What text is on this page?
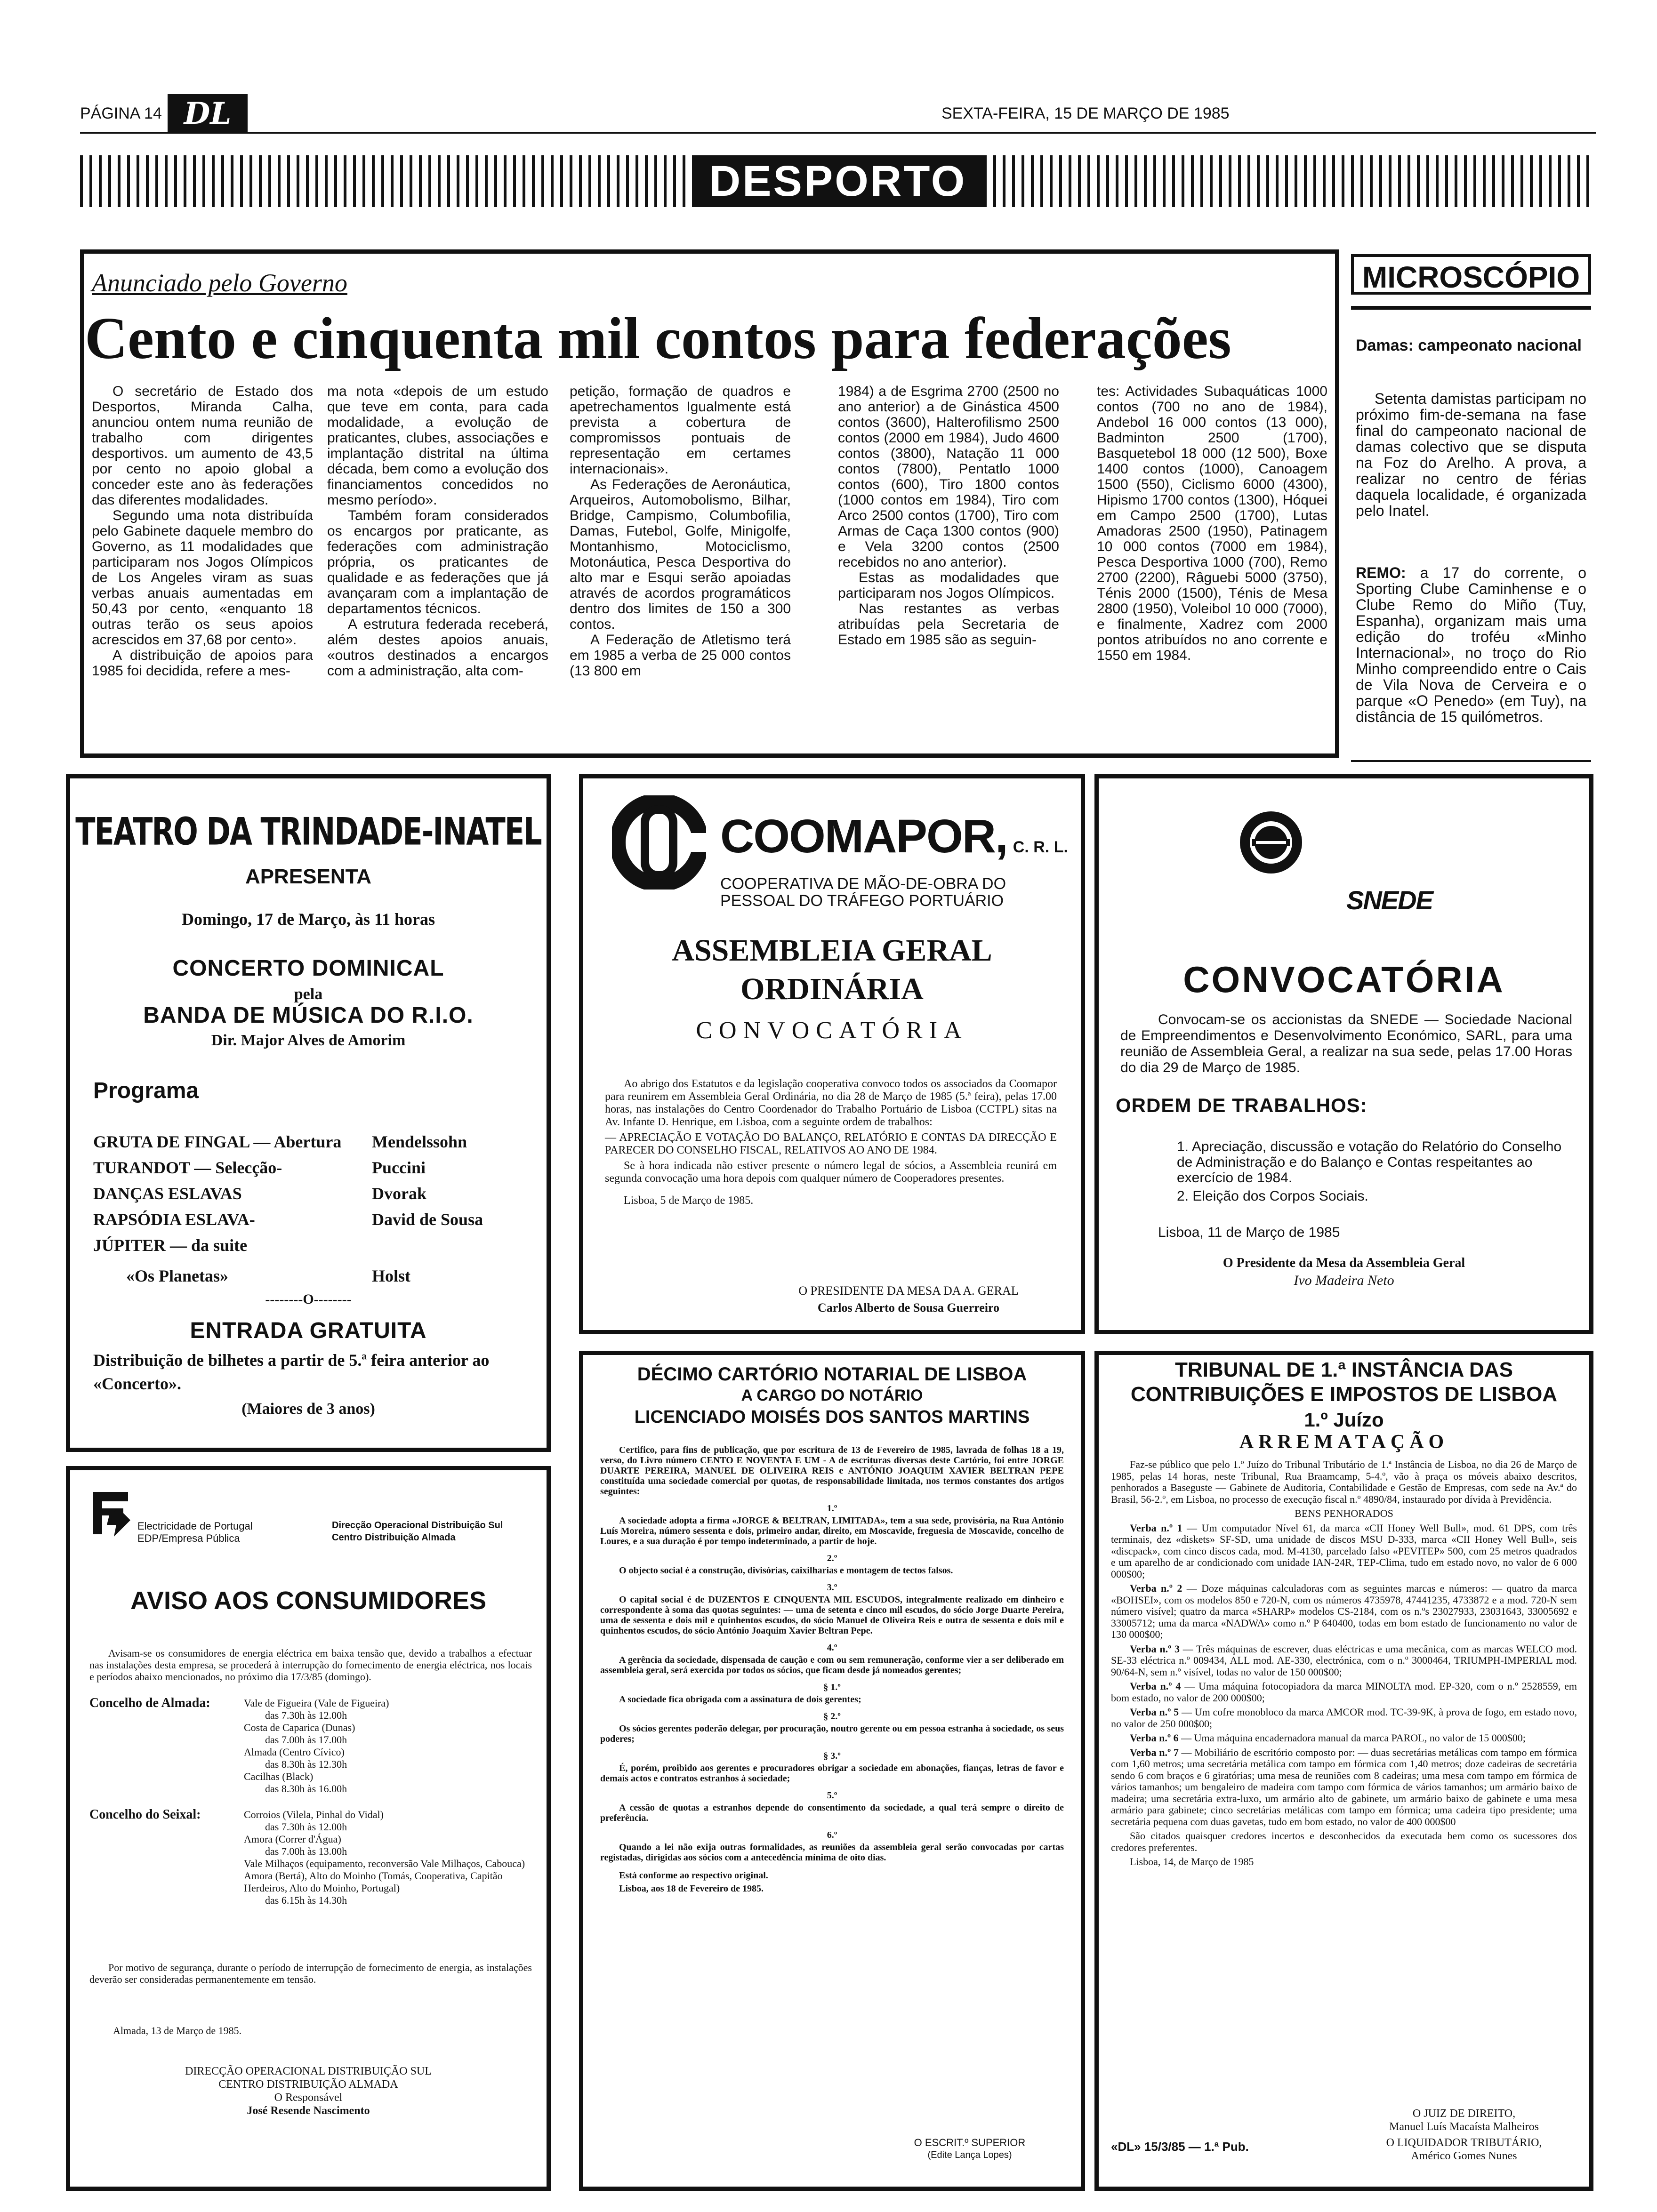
PÁGINA 14 DL	SEXTA-FEIRA, 15 DE MARÇO DE 1985
DESPORTO
Anunciado pelo Governo
Cento e cinquenta mil contos para federações

O secretário de Estado dos Desportos, Miranda Calha, anunciou ontem numa reunião de trabalho com dirigentes desportivos. um aumento de 43,5 por cento no apoio global a conceder este ano às federações das diferentes modalidades.

Segundo uma nota distribuída pelo Gabinete daquele membro do Governo, as 11 modalidades que participaram nos Jogos Olímpicos de Los Angeles viram as suas verbas anuais aumentadas em 50,43 por cento, «enquanto 18 outras terão os seus apoios acrescidos em 37,68 por cento».

A distribuição de apoios para 1985 foi decidida, refere a mes-

ma nota «depois de um estudo que teve em conta, para cada modalidade, a evolução de praticantes, clubes, associações e implantação distrital na última década, bem como a evolução dos financiamentos concedidos no mesmo período».

Também foram considerados os encargos por praticante, as federações com administração própria, os praticantes de qualidade e as federações que já avançaram com a implantação de departamentos técnicos.

A estrutura federada receberá, além destes apoios anuais, «outros destinados a encargos com a administração, alta com-

petição, formação de quadros e apetrechamentos Igualmente está prevista a cobertura de compromissos pontuais de representação em certames internacionais».

As Federações de Aeronáutica, Arqueiros, Automobolismo, Bilhar, Bridge, Campismo, Columbofilia, Damas, Futebol, Golfe, Minigolfe, Montanhismo, Motociclismo, Motonáutica, Pesca Desportiva do alto mar e Esqui serão apoiadas através de acordos programáticos dentro dos limites de 150 a 300 contos.

A Federação de Atletismo terá em 1985 a verba de 25 000 contos (13 800 em

1984) a de Esgrima 2700 (2500 no ano anterior) a de Ginástica 4500 contos (3600), Halterofilismo 2500 contos (2000 em 1984), Judo 4600 contos (3800), Natação 11 000 contos (7800), Pentatlo 1000 contos (600), Tiro 1800 contos (1000 contos em 1984), Tiro com Arco 2500 contos (1700), Tiro com Armas de Caça 1300 contos (900) e Vela 3200 contos (2500 recebidos no ano anterior).

Estas as modalidades que participaram nos Jogos Olímpicos.

Nas restantes as verbas atribuídas pela Secretaria de Estado em 1985 são as seguin-

tes: Actividades Subaquáticas 1000 contos (700 no ano de 1984), Andebol 16 000 contos (13 000), Badminton 2500 (1700), Basquetebol 18 000 (12 500), Boxe 1400 contos (1000), Canoagem 1500 (550), Ciclismo 6000 (4300), Hipismo 1700 contos (1300), Hóquei em Campo 2500 (1700), Lutas Amadoras 2500 (1950), Patinagem 10 000 contos (7000 em 1984), Pesca Desportiva 1000 (700), Remo 2700 (2200), Râguebi 5000 (3750), Ténis 2000 (1500), Ténis de Mesa 2800 (1950), Voleibol 10 000 (7000), e finalmente, Xadrez com 2000 pontos atribuídos no ano corrente e 1550 em 1984.

MICROSCÓPIO
Damas: campeonato nacional
Setenta damistas participam no próximo fim-de-semana na fase final do campeonato nacional de damas colectivo que se disputa na Foz do Arelho. A prova, a realizar no centro de férias daquela localidade, é organizada pelo Inatel.
REMO: a 17 do corrente, o Sporting Clube Caminhense e o Clube Remo do Miño (Tuy, Espanha), organizam mais uma edição do troféu «Minho Internacional», no troço do Rio Minho compreendido entre o Cais de Vila Nova de Cerveira e o parque «O Penedo» (em Tuy), na distância de 15 quilómetros.
TEATRO DA TRINDADE-INATEL
APRESENTA
Domingo, 17 de Março, às 11 horas
CONCERTO DOMINICAL
pela
BANDA DE MÚSICA DO R.I.O.
Dir. Major Alves de Amorim
Programa
GRUTA DE FINGAL — Abertura Mendelssohn
TURANDOT — Selecção-	Puccini
DANÇAS ESLAVAS	Dvorak
RAPSÓDIA ESLAVA-	David de Sousa
JÚPITER — da suite
«Os Planetas»	Holst
--------O--------
ENTRADA GRATUITA
Distribuição de bilhetes a partir de 5.ª feira anterior ao «Concerto».
(Maiores de 3 anos)
COOMAPOR, C. R. L.
COOPERATIVA DE MÃO-DE-OBRA DO PESSOAL DO TRÁFEGO PORTUÁRIO
ASSEMBLEIA GERAL
ORDINÁRIA
CONVOCATÓRIA

Ao abrigo dos Estatutos e da legislação cooperativa convoco todos os associados da Coomapor para reunirem em Assembleia Geral Ordinária, no dia 28 de Março de 1985 (5.ª feira), pelas 17.00 horas, nas instalações do Centro Coordenador do Trabalho Portuário de Lisboa (CCTPL) sitas na Av. Infante D. Henrique, em Lisboa, com a seguinte ordem de trabalhos:

— APRECIAÇÃO E VOTAÇÃO DO BALANÇO, RELATÓRIO E CONTAS DA DIRECÇÃO E PARECER DO CONSELHO FISCAL, RELATIVOS AO ANO DE 1984.

Se à hora indicada não estiver presente o número legal de sócios, a Assembleia reunirá em segunda convocação uma hora depois com qualquer número de Cooperadores presentes.

Lisboa, 5 de Março de 1985.

O PRESIDENTE DA MESA DA A. GERAL
Carlos Alberto de Sousa Guerreiro
SNEDE
CONVOCATÓRIA
Convocam-se os accionistas da SNEDE — Sociedade Nacional de Empreendimentos e Desenvolvimento Económico, SARL, para uma reunião de Assembleia Geral, a realizar na sua sede, pelas 17.00 Horas do dia 29 de Março de 1985.
ORDEM DE TRABALHOS:
1. Apreciação, discussão e votação do Relatório do Conselho de Administração e do Balanço e Contas respeitantes ao exercício de 1984.
2. Eleição dos Corpos Sociais.
Lisboa, 11 de Março de 1985
O Presidente da Mesa da Assembleia Geral
Ivo Madeira Neto
Electricidade de Portugal
EDP/Empresa Pública
Direcção Operacional Distribuição Sul
Centro Distribuição Almada
AVISO AOS CONSUMIDORES
Avisam-se os consumidores de energia eléctrica em baixa tensão que, devido a trabalhos a efectuar nas instalações desta empresa, se procederá à interrupção do fornecimento de energia eléctrica, nos locais e períodos abaixo mencionados, no próximo dia 17/3/85 (domingo).
Concelho de Almada:	Vale de Figueira (Vale de Figueira)
das 7.30h às 12.00h
Costa de Caparica (Dunas)
das 7.00h às 17.00h
Almada (Centro Cívico)
das 8.30h às 12.30h
Cacilhas (Black)
das 8.30h às 16.00h
Concelho do Seixal:	Corroios (Vilela, Pinhal do Vidal)
das 7.30h às 12.00h
Amora (Correr d'Água)
das 7.00h às 13.00h
Vale Milhaços (equipamento, reconversão Vale Milhaços, Cabouca) Amora (Bertá), Alto do Moinho (Tomás, Cooperativa, Capitão Herdeiros, Alto do Moinho, Portugal)
das 6.15h às 14.30h
Por motivo de segurança, durante o período de interrupção de fornecimento de energia, as instalações deverão ser consideradas permanentemente em tensão.
Almada, 13 de Março de 1985.
DIRECÇÃO OPERACIONAL DISTRIBUIÇÃO SUL
CENTRO DISTRIBUIÇÃO ALMADA
O Responsável
José Resende Nascimento
DÉCIMO CARTÓRIO NOTARIAL DE LISBOA
A CARGO DO NOTÁRIO
LICENCIADO MOISÉS DOS SANTOS MARTINS

Certifico, para fins de publicação, que por escritura de 13 de Fevereiro de 1985, lavrada de folhas 18 a 19, verso, do Livro número CENTO E NOVENTA E UM - A de escrituras diversas deste Cartório, foi entre JORGE DUARTE PEREIRA, MANUEL DE OLIVEIRA REIS e ANTÓNIO JOAQUIM XAVIER BELTRAN PEPE constituída uma sociedade comercial por quotas, de responsabilidade limitada, nos termos constantes dos artigos seguintes:

1.º

A sociedade adopta a firma «JORGE & BELTRAN, LIMITADA», tem a sua sede, provisória, na Rua António Luís Moreira, número sessenta e dois, primeiro andar, direito, em Moscavide, freguesia de Moscavide, concelho de Loures, e a sua duração é por tempo indeterminado, a partir de hoje.

2.º

O objecto social é a construção, divisórias, caixilharias e montagem de tectos falsos.

3.º

O capital social é de DUZENTOS E CINQUENTA MIL ESCUDOS, integralmente realizado em dinheiro e correspondente à soma das quotas seguintes: — uma de setenta e cinco mil escudos, do sócio Jorge Duarte Pereira, uma de sessenta e dois mil e quinhentos escudos, do sócio Manuel de Oliveira Reis e outra de sessenta e dois mil e quinhentos escudos, do sócio António Joaquim Xavier Beltran Pepe.

4.º

A gerência da sociedade, dispensada de caução e com ou sem remuneração, conforme vier a ser deliberado em assembleia geral, será exercida por todos os sócios, que ficam desde já nomeados gerentes;

§ 1.º

A sociedade fica obrigada com a assinatura de dois gerentes;

§ 2.º

Os sócios gerentes poderão delegar, por procuração, noutro gerente ou em pessoa estranha à sociedade, os seus poderes;

§ 3.º

É, porém, proibido aos gerentes e procuradores obrigar a sociedade em abonações, fianças, letras de favor e demais actos e contratos estranhos à sociedade;

5.º

A cessão de quotas a estranhos depende do consentimento da sociedade, a qual terá sempre o direito de preferência.

6.º

Quando a lei não exija outras formalidades, as reuniões da assembleia geral serão convocadas por cartas registadas, dirigidas aos sócios com a antecedência mínima de oito dias.

Está conforme ao respectivo original.

Lisboa, aos 18 de Fevereiro de 1985.

O ESCRIT.º SUPERIOR
(Edite Lança Lopes)
TRIBUNAL DE 1.ª INSTÂNCIA DAS CONTRIBUIÇÕES E IMPOSTOS DE LISBOA
1.º Juízo
ARREMATAÇÃO

Faz-se público que pelo 1.º Juízo do Tribunal Tributário de 1.ª Instância de Lisboa, no dia 26 de Março de 1985, pelas 14 horas, neste Tribunal, Rua Braamcamp, 5-4.º, vão à praça os móveis abaixo descritos, penhorados a Baseguste — Gabinete de Auditoria, Contabilidade e Gestão de Empresas, com sede na Av.ª do Brasil, 56-2.º, em Lisboa, no processo de execução fiscal n.º 4890/84, instaurado por dívida à Previdência.

BENS PENHORADOS

Verba n.º 1 — Um computador Nível 61, da marca «CII Honey Well Bull», mod. 61 DPS, com três terminais, dez «diskets» SF-SD, uma unidade de discos MSU D-333, marca «CII Honey Well Bull», seis «discpack», com cinco discos cada, mod. M-4130, parcelado falso «PEVITEP» 500, com 25 metros quadrados e um aparelho de ar condicionado com unidade IAN-24R, TEP-Clima, tudo em estado novo, no valor de 6 000 000$00;

Verba n.º 2 — Doze máquinas calculadoras com as seguintes marcas e números: — quatro da marca «BOHSEI», com os modelos 850 e 720-N, com os números 4735978, 47441235, 4733872 e a mod. 720-N sem número visível; quatro da marca «SHARP» modelos CS-2184, com os n.ºs 23027933, 23031643, 33005692 e 33005712; uma da marca «NADWA» como n.º P 640400, todas em bom estado de funcionamento no valor de 130 000$00;

Verba n.º 3 — Três máquinas de escrever, duas eléctricas e uma mecânica, com as marcas WELCO mod. SE-33 eléctrica n.º 009434, ALL mod. AE-330, electrónica, com o n.º 3000464, TRIUMPH-IMPERIAL mod. 90/64-N, sem n.º visível, todas no valor de 150 000$00;

Verba n.º 4 — Uma máquina fotocopiadora da marca MINOLTA mod. EP-320, com o n.º 2528559, em bom estado, no valor de 200 000$00;

Verba n.º 5 — Um cofre monobloco da marca AMCOR mod. TC-39-9K, à prova de fogo, em estado novo, no valor de 250 000$00;

Verba n.º 6 — Uma máquina encadernadora manual da marca PAROL, no valor de 15 000$00;

Verba n.º 7 — Mobiliário de escritório composto por: — duas secretárias metálicas com tampo em fórmica com 1,60 metros; uma secretária metálica com tampo em fórmica com 1,40 metros; doze cadeiras de secretária sendo 6 com braços e 6 giratórias; uma mesa de reuniões com 8 cadeiras; uma mesa com tampo em fórmica de vários tamanhos; um bengaleiro de madeira com tampo com fórmica de vários tamanhos; um armário baixo de madeira; uma secretária extra-luxo, um armário alto de gabinete, um armário baixo de gabinete e uma mesa armário para gabinete; cinco secretárias metálicas com tampo em fórmica; uma cadeira tipo presidente; uma secretária pequena com duas gavetas, tudo em bom estado, no valor de 400 000$00

São citados quaisquer credores incertos e desconhecidos da executada bem como os sucessores dos credores preferentes.

Lisboa, 14, de Março de 1985

O JUIZ DE DIREITO,
Manuel Luís Macaísta Malheiros
O LIQUIDADOR TRIBUTÁRIO,
Américo Gomes Nunes
«DL» 15/3/85 — 1.ª Pub.
